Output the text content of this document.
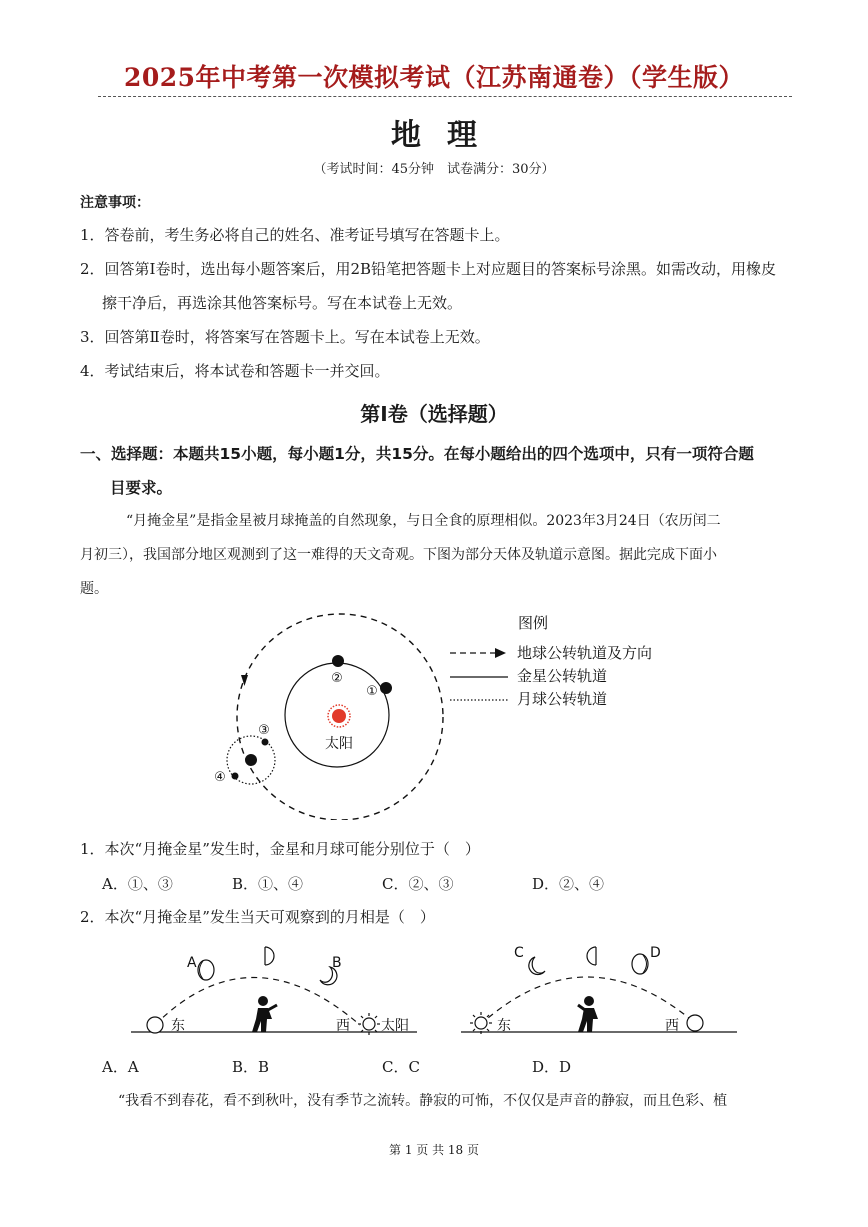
2025年中考第一次模拟考试（江苏南通卷）（学生版）
地理
（考试时间：45分钟　试卷满分：30分）
注意事项：
1．答卷前，考生务必将自己的姓名、准考证号填写在答题卡上。
2．回答第Ⅰ卷时，选出每小题答案后，用2B铅笔把答题卡上对应题目的答案标号涂黑。如需改动，用橡皮
擦干净后，再选涂其他答案标号。写在本试卷上无效。
3．回答第Ⅱ卷时，将答案写在答题卡上。写在本试卷上无效。
4．考试结束后，将本试卷和答题卡一并交回。
第Ⅰ卷（选择题）
一、选择题：本题共15小题，每小题1分，共15分。在每小题给出的四个选项中，只有一项符合题
目要求。
“月掩金星”是指金星被月球掩盖的自然现象，与日全食的原理相似。2023年3月24日（农历闰二
月初三），我国部分地区观测到了这一难得的天文奇观。下图为部分天体及轨道示意图。据此完成下面小
题。
太阳
②
①
③
④
图例
地球公转轨道及方向
金星公转轨道
月球公转轨道
1．本次“月掩金星”发生时，金星和月球可能分别位于（　）
A．①、③	B．①、④	C．②、③	D．②、④
2．本次“月掩金星”发生当天可观察到的月相是（　）
东
A	B
西 太阳	东
C	D
西
A．A	B．B	C．C	D．D
“我看不到春花，看不到秋叶，没有季节之流转。静寂的可怖，不仅仅是声音的静寂，而且色彩、植
第 1 页 共 18 页
